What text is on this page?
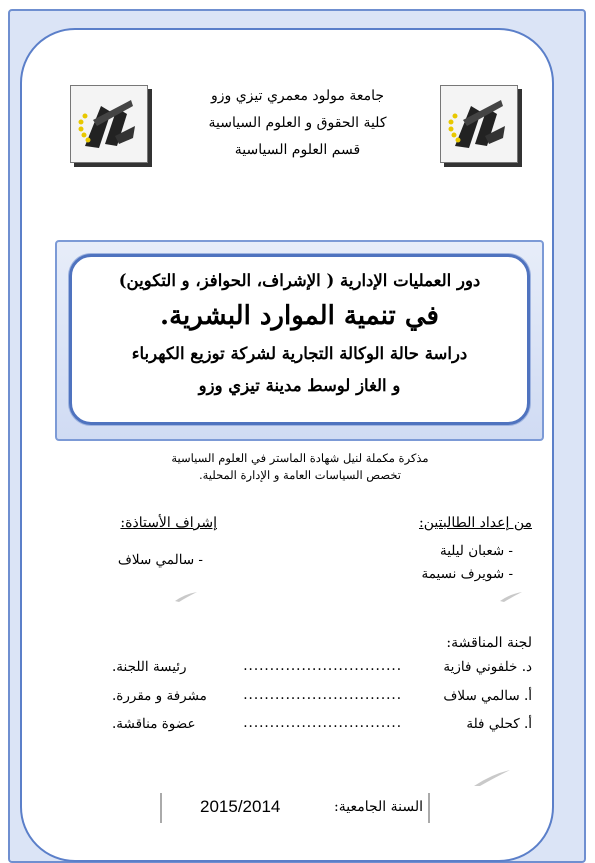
جامعة مولود معمري تيزي وزو
كلية الحقوق و العلوم السياسية
قسم العلوم السياسية
دور العمليات الإدارية ( الإشراف، الحوافز، و التكوين)
في تنمية الموارد البشرية.
دراسة حالة الوكالة التجارية لشركة توزيع الكهرباء
و الغاز لوسط مدينة تيزي وزو
مذكرة مكملة لنيل شهادة الماستر في العلوم السياسية
تخصص السياسات العامة و الإدارة المحلية.
من إعداد الطالبتين:
- شعبان ليلية
- شويرف نسيمة
إشراف الأستاذة:
- سالمي سلاف
لجنة المناقشة:
د. خلفوني فازية
..............................
رئيسة اللجنة.
أ. سالمي سلاف
..............................
مشرفة و مقررة.
أ. كحلي فلة
..............................
عضوة مناقشة.
السنة الجامعية:
2015/2014
